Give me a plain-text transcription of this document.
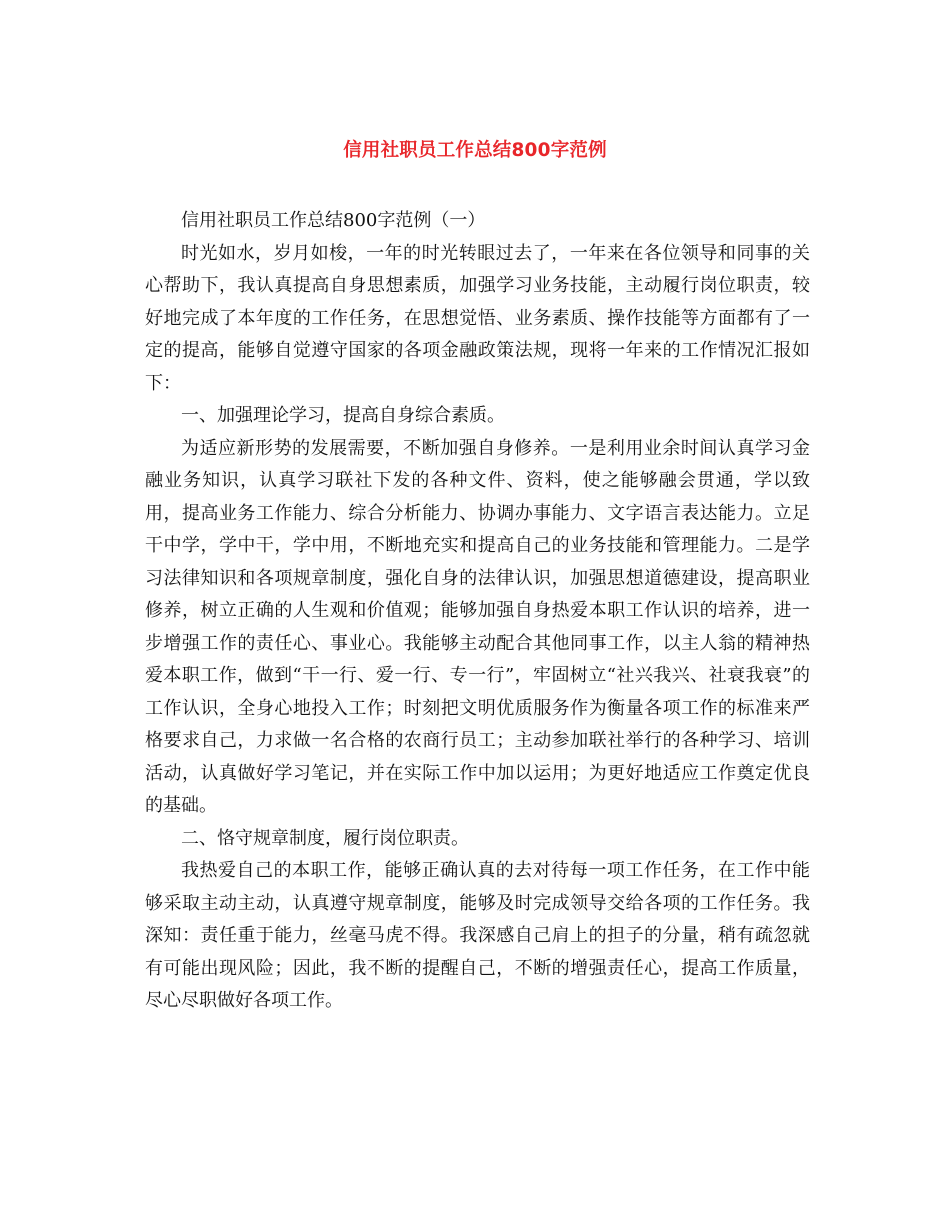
信用社职员工作总结800字范例

信用社职员工作总结800字范例（一）

时光如水，岁月如梭，一年的时光转眼过去了，一年来在各位领导和同事的关心帮助下，我认真提高自身思想素质，加强学习业务技能，主动履行岗位职责，较好地完成了本年度的工作任务，在思想觉悟、业务素质、操作技能等方面都有了一定的提高，能够自觉遵守国家的各项金融政策法规，现将一年来的工作情况汇报如下：

一、加强理论学习，提高自身综合素质。

为适应新形势的发展需要，不断加强自身修养。一是利用业余时间认真学习金融业务知识，认真学习联社下发的各种文件、资料，使之能够融会贯通，学以致用，提高业务工作能力、综合分析能力、协调办事能力、文字语言表达能力。立足干中学，学中干，学中用，不断地充实和提高自己的业务技能和管理能力。二是学习法律知识和各项规章制度，强化自身的法律认识，加强思想道德建设，提高职业修养，树立正确的人生观和价值观；能够加强自身热爱本职工作认识的培养，进一步增强工作的责任心、事业心。我能够主动配合其他同事工作，以主人翁的精神热爱本职工作，做到“干一行、爱一行、专一行”，牢固树立“社兴我兴、社衰我衰”的工作认识，全身心地投入工作；时刻把文明优质服务作为衡量各项工作的标准来严格要求自己，力求做一名合格的农商行员工；主动参加联社举行的各种学习、培训活动，认真做好学习笔记，并在实际工作中加以运用；为更好地适应工作奠定优良的基础。

二、恪守规章制度，履行岗位职责。

我热爱自己的本职工作，能够正确认真的去对待每一项工作任务，在工作中能够采取主动主动，认真遵守规章制度，能够及时完成领导交给各项的工作任务。我深知：责任重于能力，丝毫马虎不得。我深感自己肩上的担子的分量，稍有疏忽就有可能出现风险；因此，我不断的提醒自己，不断的增强责任心，提高工作质量，尽心尽职做好各项工作。
